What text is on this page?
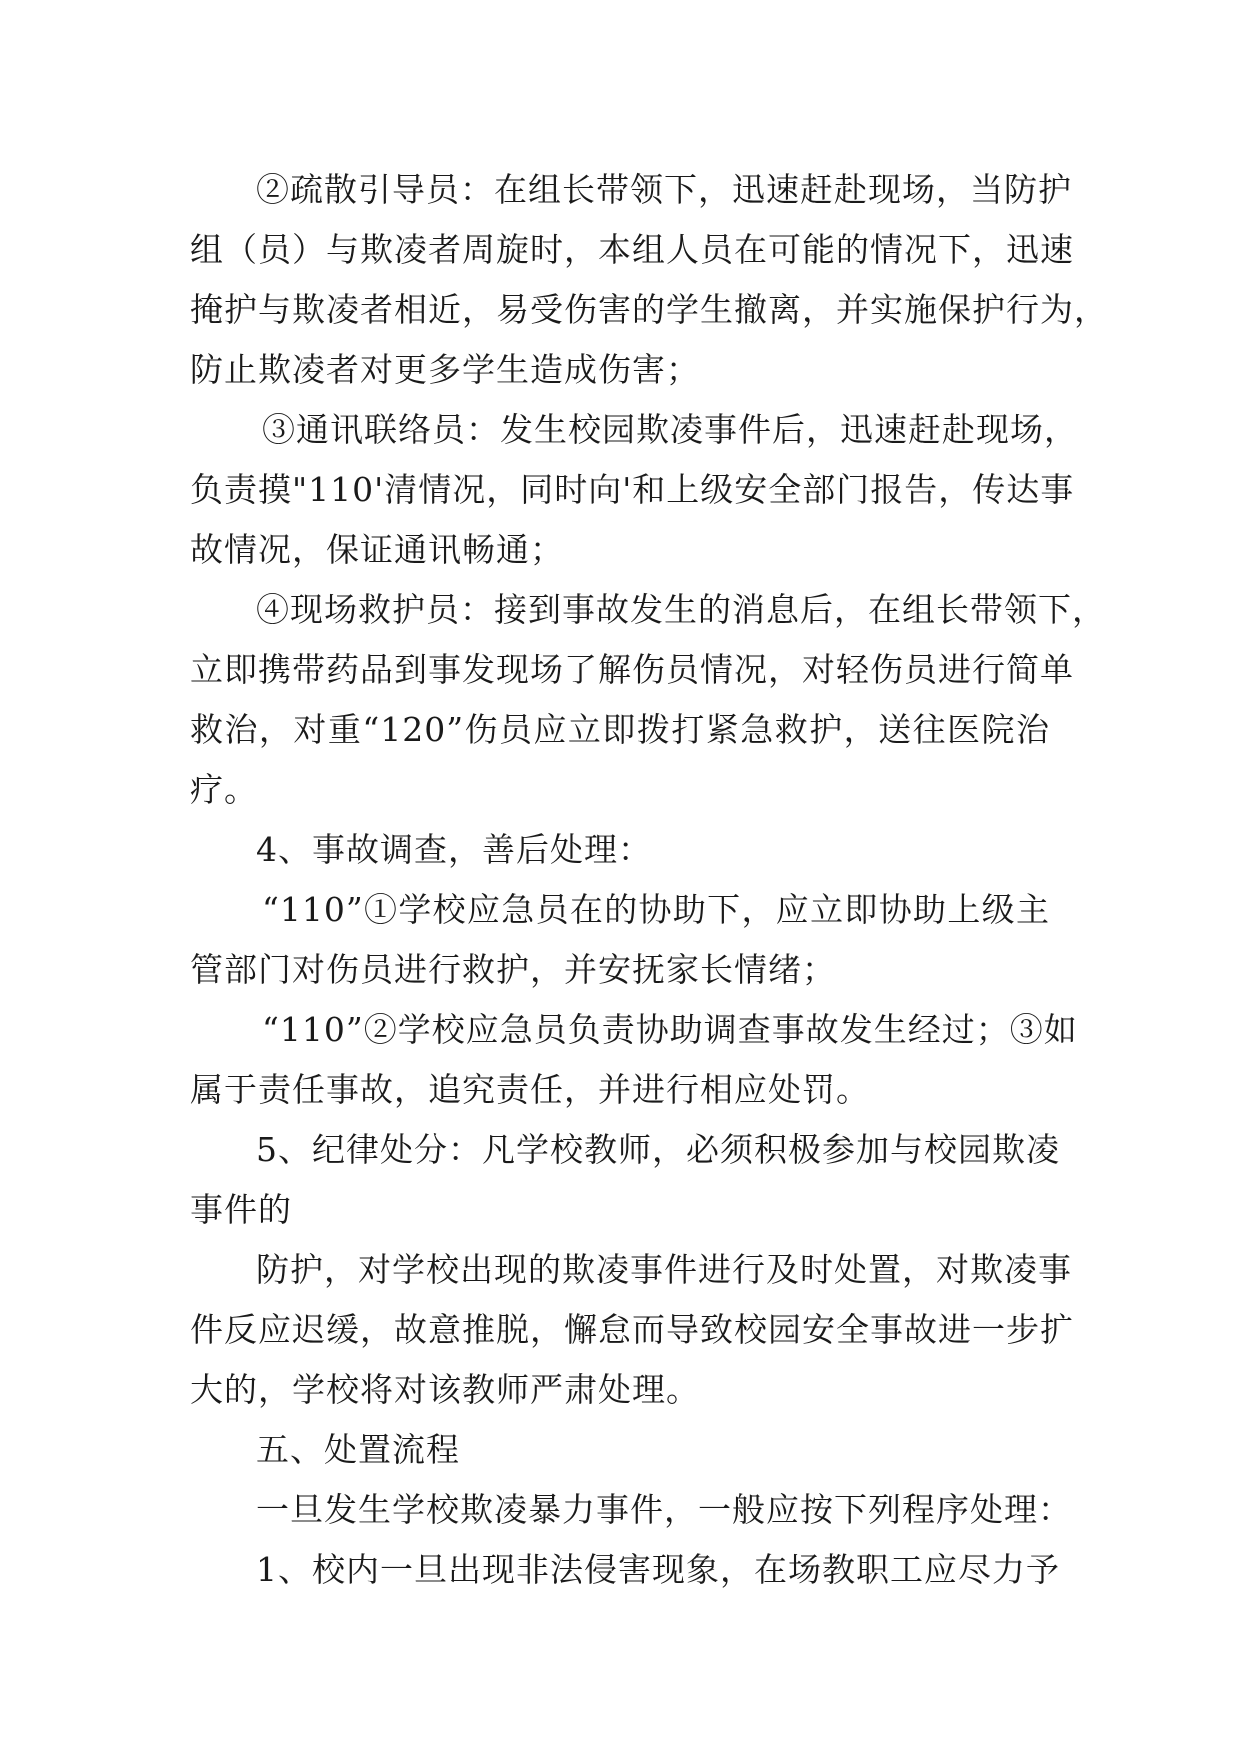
②疏散引导员：在组长带领下，迅速赶赴现场，当防护
组（员）与欺凌者周旋时，本组人员在可能的情况下，迅速
掩护与欺凌者相近，易受伤害的学生撤离，并实施保护行为，
防止欺凌者对更多学生造成伤害；
③通讯联络员：发生校园欺凌事件后，迅速赶赴现场，
负责摸"110'清情况，同时向'和上级安全部门报告，传达事
故情况，保证通讯畅通；
④现场救护员：接到事故发生的消息后，在组长带领下，
立即携带药品到事发现场了解伤员情况，对轻伤员进行简单
救治，对重“120”伤员应立即拨打紧急救护，送往医院治
疗。
4、事故调查，善后处理：
“110”①学校应急员在的协助下，应立即协助上级主
管部门对伤员进行救护，并安抚家长情绪；
“110”②学校应急员负责协助调查事故发生经过；③如
属于责任事故，追究责任，并进行相应处罚。
5、纪律处分：凡学校教师，必须积极参加与校园欺凌
事件的
防护，对学校出现的欺凌事件进行及时处置，对欺凌事
件反应迟缓，故意推脱，懈怠而导致校园安全事故进一步扩
大的，学校将对该教师严肃处理。
五、处置流程
一旦发生学校欺凌暴力事件，一般应按下列程序处理：
1、校内一旦出现非法侵害现象，在场教职工应尽力予
